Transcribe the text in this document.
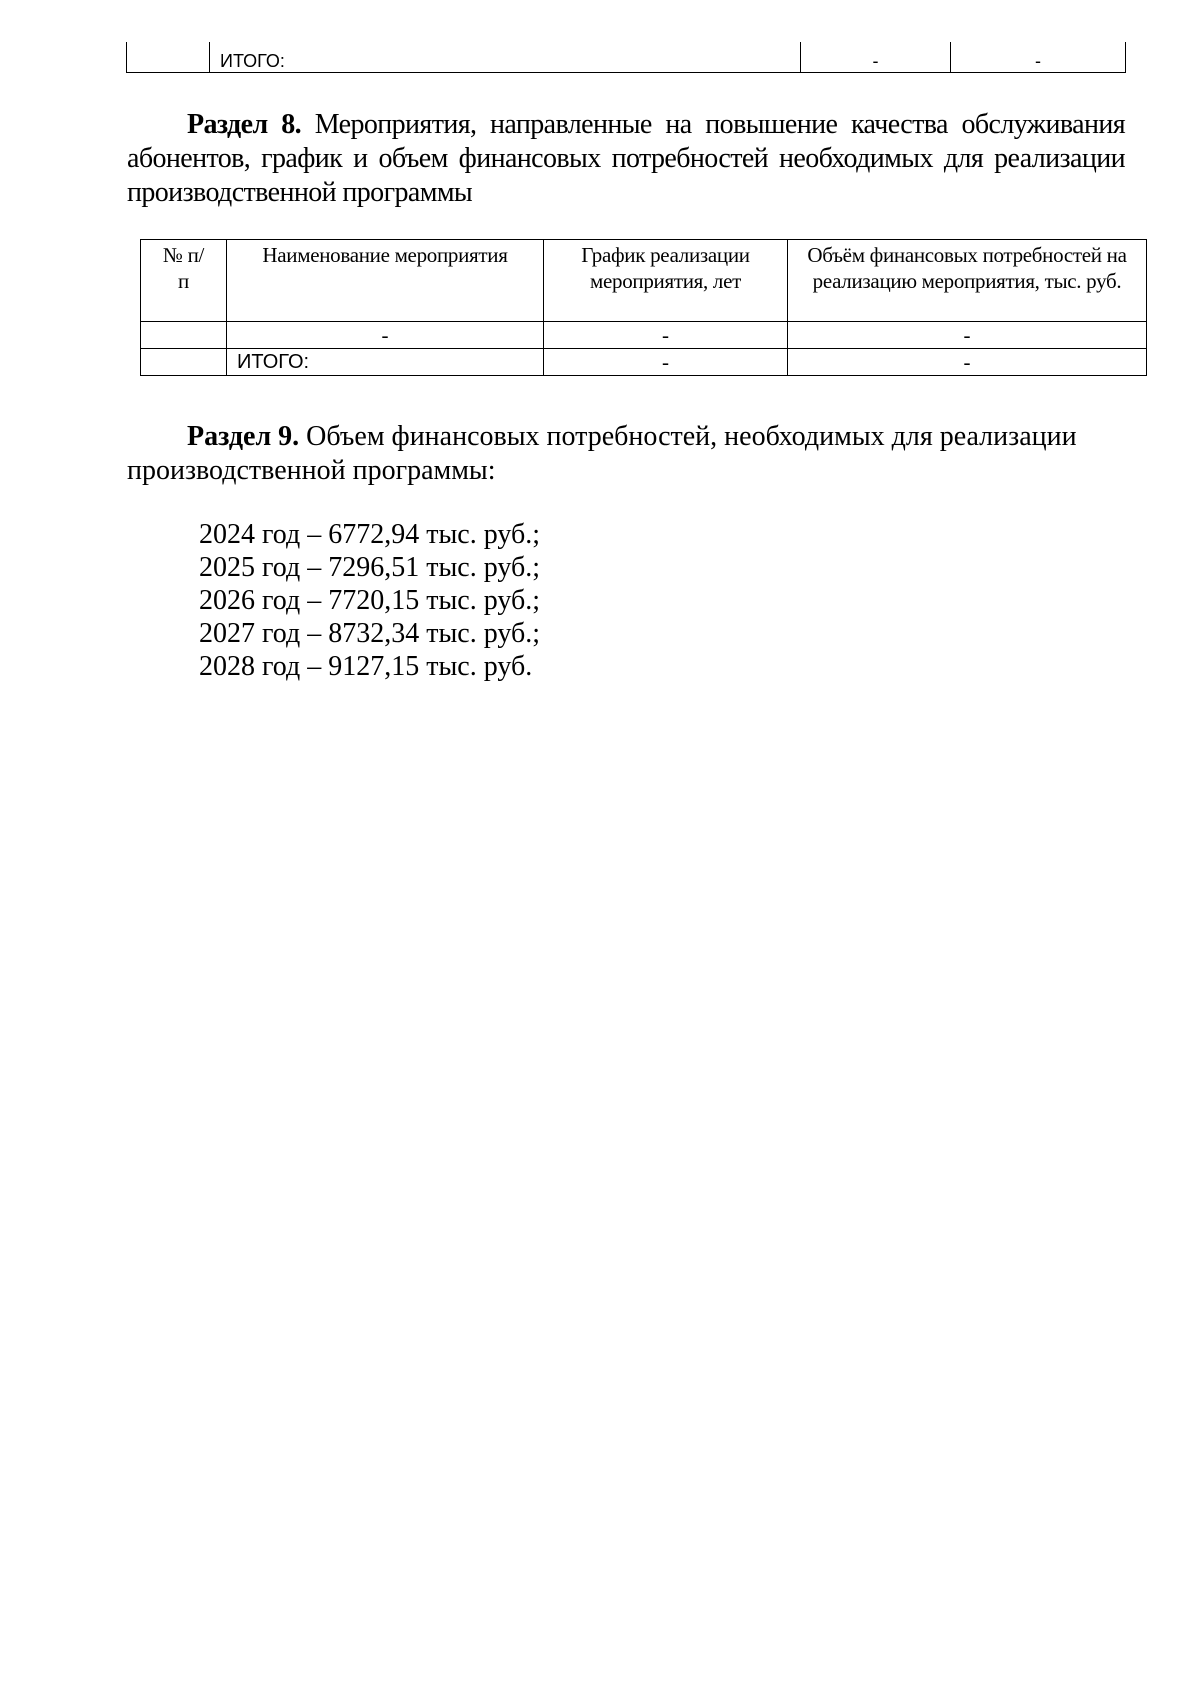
	ИТОГО:	-	-
Раздел 8. Мероприятия, направленные на повышение качества обслуживания абонентов, график и объем финансовых потребностей необходимых для реализации производственной программы
№ п/п	Наименование мероприятия	График реализации мероприятия, лет	Объём финансовых потребностей на реализацию мероприятия, тыс. руб.
	-	-	-
	ИТОГО:	-	-
Раздел 9. Объем финансовых потребностей, необходимых для реализации производственной программы:
2024 год – 6772,94 тыс. руб.;
2025 год – 7296,51 тыс. руб.;
2026 год – 7720,15 тыс. руб.;
2027 год – 8732,34 тыс. руб.;
2028 год – 9127,15 тыс. руб.
